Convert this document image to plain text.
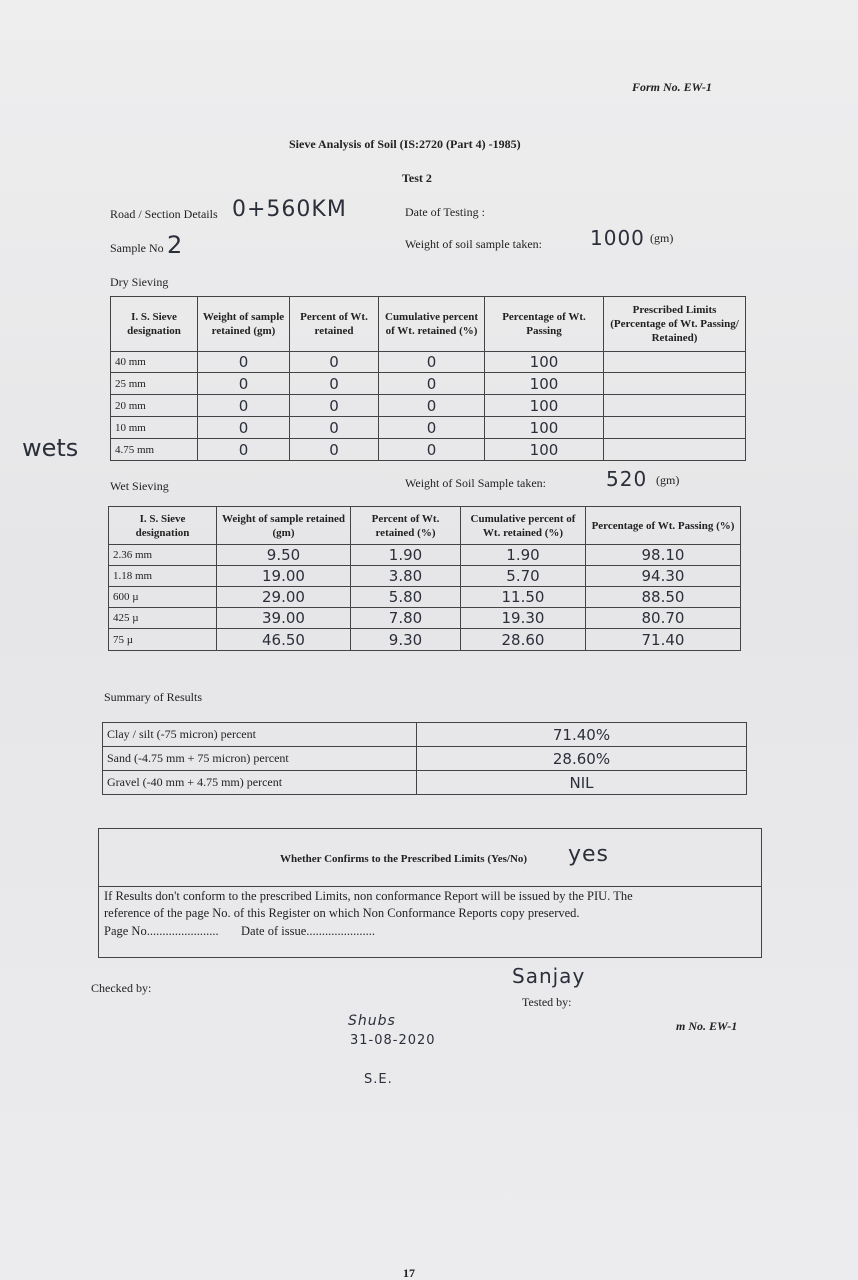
Form No. EW-1
Sieve Analysis of Soil (IS:2720 (Part 4) -1985)
Test 2
Road / Section Details 0+560KM	Date of Testing :
Sample No 2	Weight of soil sample taken: 1000 (gm)
Dry Sieving
wets
I. S. Sieve designation	Weight of sample retained (gm)	Percent of Wt. retained	Cumulative percent of Wt. retained (%)	Percentage of Wt. Passing	Prescribed Limits (Percentage of Wt. Passing/ Retained)
40 mm	0	0	0	100	
25 mm	0	0	0	100	
20 mm	0	0	0	100	
10 mm	0	0	0	100	
4.75 mm	0	0	0	100	
Wet Sieving	Weight of Soil Sample taken:	520 (gm)
I. S. Sieve designation	Weight of sample retained (gm)	Percent of Wt. retained (%)	Cumulative percent of Wt. retained (%)	Percentage of Wt. Passing (%)
2.36 mm	9.50	1.90	1.90	98.10
1.18 mm	19.00	3.80	5.70	94.30
600 µ	29.00	5.80	11.50	88.50
425 µ	39.00	7.80	19.30	80.70
75 µ	46.50	9.30	28.60	71.40
Summary of Results
Clay / silt (-75 micron) percent	71.40%
Sand (-4.75 mm + 75 micron) percent	28.60%
Gravel (-40 mm + 4.75 mm) percent	NIL
Whether Confirms to the Prescribed Limits (Yes/No) yes
If Results don't conform to the prescribed Limits, non conformance Report will be issued by the PIU. The
reference of the page No. of this Register on which Non Conformance Reports copy preserved.
Page No....................... Date of issue......................
Checked by:	Sanjay
Tested by:
Shubs
31-08-2020
S.E.
m No. EW-1
17
